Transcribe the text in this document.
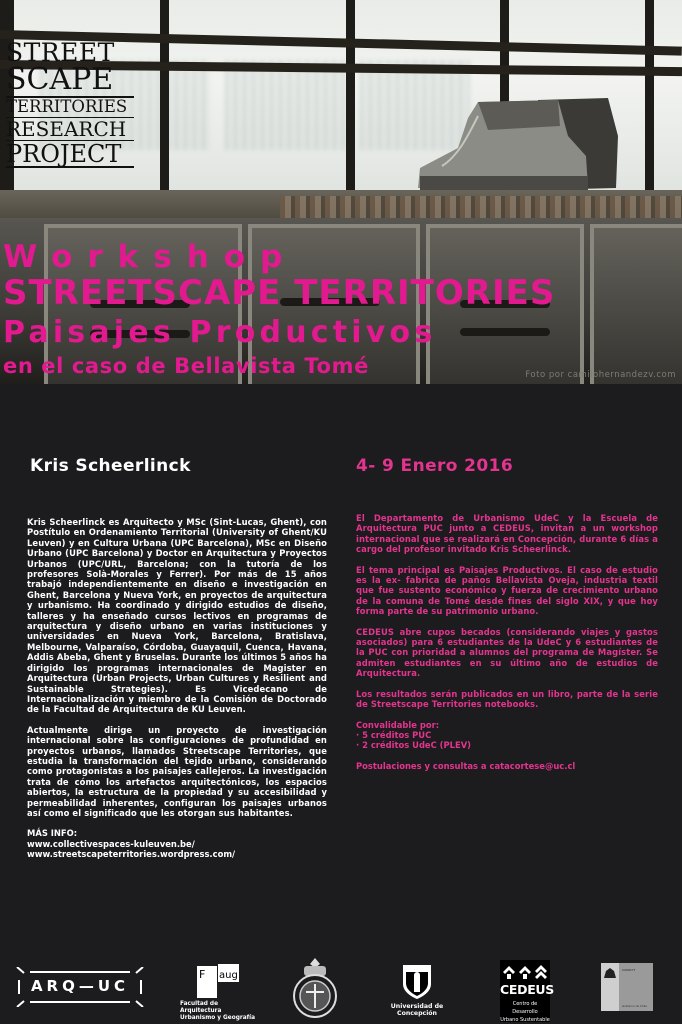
STREET
SCAPE
TERRITORIES
RESEARCH
PROJECT
Workshop
STREETSCAPE TERRITORIES
Paisajes Productivos
en el caso de Bellavista Tomé	Foto por camilohernandezv.com
Kris Scheerlinck

Kris Scheerlinck es Arquitecto y MSc (Sint-Lucas, Ghent), con Postítulo en Ordenamiento Territorial (University of Ghent/KU Leuven) y en Cultura Urbana (UPC Barcelona), MSc en Diseño Urbano (UPC Barcelona) y Doctor en Arquitectura y Proyectos Urbanos (UPC/URL, Barcelona; con la tutoría de los profesores Solà-Morales y Ferrer). Por más de 15 años trabajó independientemente en diseño e investigación en Ghent, Barcelona y Nueva York, en proyectos de arquitectura y urbanismo. Ha coordinado y dirigido estudios de diseño, talleres y ha enseñado cursos lectivos en programas de arquitectura y diseño urbano en varias instituciones y universidades en Nueva York, Barcelona, Bratislava, Melbourne, Valparaíso, Córdoba, Guayaquil, Cuenca, Havana, Addis Abeba, Ghent y Bruselas. Durante los últimos 5 años ha dirigido los programas internacionales de Magister en Arquitectura (Urban Projects, Urban Cultures y Resilient and Sustainable Strategies). Es Vicedecano de Internacionalización y miembro de la Comisión de Doctorado de la Facultad de Arquitectura de KU Leuven.

Actualmente dirige un proyecto de investigación internacional sobre las configuraciones de profundidad en proyectos urbanos, llamados Streetscape Territories, que estudia la transformación del tejido urbano, considerando como protagonistas a los paisajes callejeros. La investigación trata de cómo los artefactos arquitectónicos, los espacios abiertos, la estructura de la propiedad y su accesibilidad y permeabilidad inherentes, configuran los paisajes urbanos así como el significado que les otorgan sus habitantes.

MÁS INFO:
www.collectivespaces-kuleuven.be/
www.streetscapeterritories.wordpress.com/
4- 9 Enero 2016

El Departamento de Urbanismo UdeC y la Escuela de Arquitectura PUC junto a CEDEUS, invitan a un workshop internacional que se realizará en Concepción, durante 6 días a cargo del profesor invitado Kris Scheerlinck.

El tema principal es Paisajes Productivos. El caso de estudio es la ex- fabrica de paños Bellavista Oveja, industria textil que fue sustento económico y fuerza de crecimiento urbano de la comuna de Tomé desde fines del siglo XIX, y que hoy forma parte de su patrimonio urbano.

CEDEUS abre cupos becados (considerando viajes y gastos asociados) para 6 estudiantes de la UdeC y 6 estudiantes de la PUC con prioridad a alumnos del programa de Magíster. Se admiten estudiantes en su último año de estudios de Arquitectura.

Los resultados serán publicados en un libro, parte de la serie de Streetscape Territories notebooks.

Convalidable por:
· 5 créditos PUC
· 2 créditos UdeC (PLEV)
Postulaciones y consultas a catacortese@uc.cl
ARQ—UC
F aug
Facultad de Arquitectura
Urbanismo y Geografía
Universidad de Concepción
CEDEUS
Centro de Desarrollo
Urbano Sustentable
CONICYT
Gobierno de Chile
